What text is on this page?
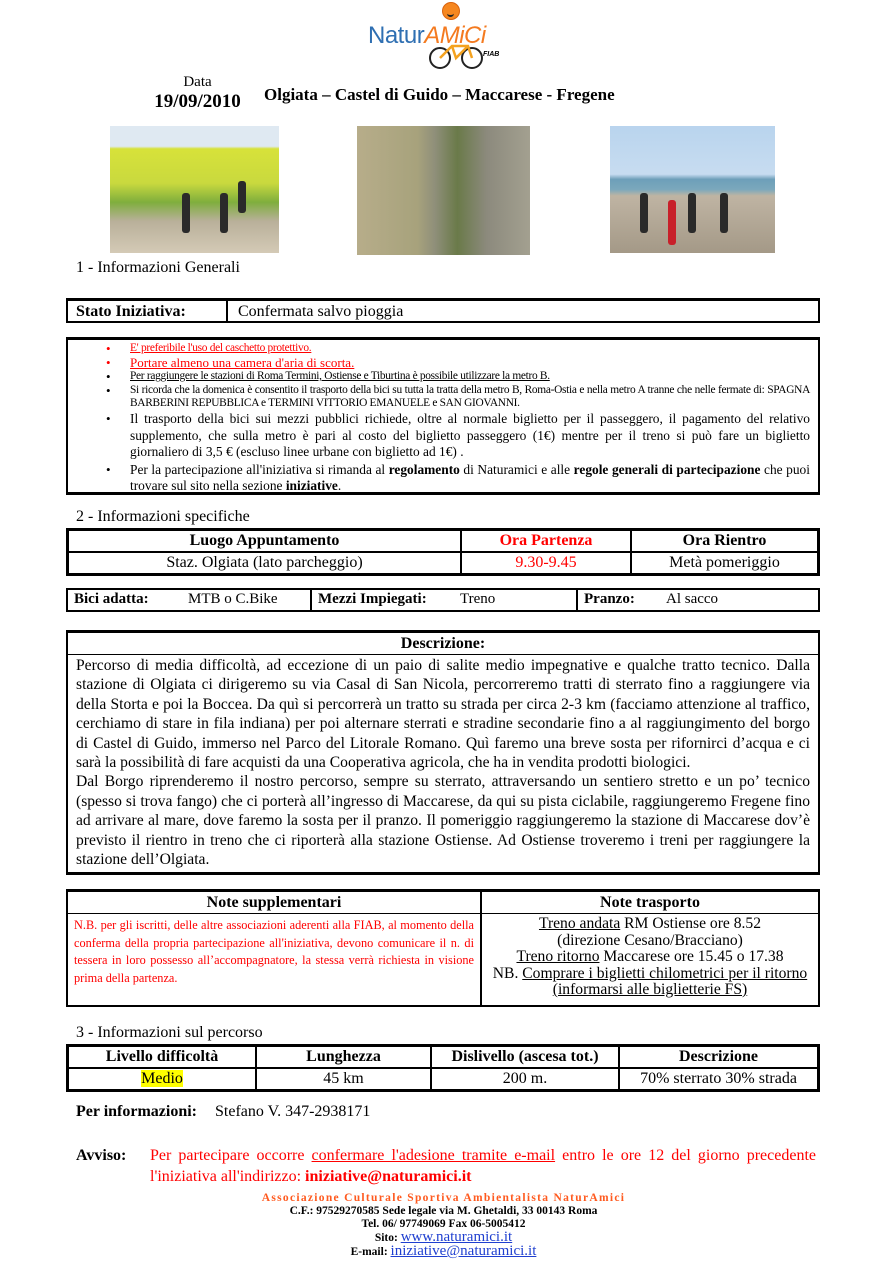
NaturAMiCi
FIAB
Data
19/09/2010 Olgiata – Castel di Guido – Maccarese - Fregene
1 - Informazioni Generali
Stato Iniziativa:	Confermata salvo pioggia
• E' preferibile l'uso del caschetto protettivo.
• Portare almeno una camera d'aria di scorta.
• Per raggiungere le stazioni di Roma Termini, Ostiense e Tiburtina è possibile utilizzare la metro B.
• Si ricorda che la domenica è consentito il trasporto della bici su tutta la tratta della metro B, Roma-Ostia e nella metro A tranne che nelle fermate di: SPAGNA BARBERINI REPUBBLICA e TERMINI VITTORIO EMANUELE e SAN GIOVANNI.
• Il trasporto della bici sui mezzi pubblici richiede, oltre al normale biglietto per il passeggero, il pagamento del relativo supplemento, che sulla metro è pari al costo del biglietto passeggero (1€) mentre per il treno si può fare un biglietto giornaliero di 3,5 € (escluso linee urbane con biglietto ad 1€) .
• Per la partecipazione all'iniziativa si rimanda al regolamento di Naturamici e alle regole generali di partecipazione che puoi trovare sul sito nella sezione iniziative.
2 - Informazioni specifiche
Luogo Appuntamento	Ora Partenza	Ora Rientro
Staz. Olgiata (lato parcheggio)	9.30-9.45	Metà pomeriggio
Bici adatta:	MTB o C.Bike	Mezzi Impiegati:	Treno	Pranzo:	Al sacco
Descrizione:

Percorso di media difficoltà, ad eccezione di un paio di salite medio impegnative e qualche tratto tecnico. Dalla stazione di Olgiata ci dirigeremo su via Casal di San Nicola, percorreremo tratti di sterrato fino a raggiungere via della Storta e poi la Boccea. Da quì si percorrerà un tratto su strada per circa 2-3 km (facciamo attenzione al traffico, cerchiamo di stare in fila indiana) per poi alternare sterrati e stradine secondarie fino a al raggiungimento del borgo di Castel di Guido, immerso nel Parco del Litorale Romano. Quì faremo una breve sosta per rifornirci d’acqua e ci sarà la possibilità di fare acquisti da una Cooperativa agricola, che ha in vendita prodotti biologici.

Dal Borgo riprenderemo il nostro percorso, sempre su sterrato, attraversando un sentiero stretto e un po’ tecnico (spesso si trova fango) che ci porterà all’ingresso di Maccarese, da qui su pista ciclabile, raggiungeremo Fregene fino ad arrivare al mare, dove faremo la sosta per il pranzo. Il pomeriggio raggiungeremo la stazione di Maccarese dov’è previsto il rientro in treno che ci riporterà alla stazione Ostiense. Ad Ostiense troveremo i treni per raggiungere la stazione dell’Olgiata.

Note supplementari
N.B. per gli iscritti, delle altre associazioni aderenti alla FIAB, al momento della conferma della propria partecipazione all'iniziativa, devono comunicare il n. di tessera in loro possesso all’accompagnatore, la stessa verrà richiesta in visione prima della partenza.
Note trasporto
Treno andata RM Ostiense ore 8.52
(direzione Cesano/Bracciano)
Treno ritorno Maccarese ore 15.45 o 17.38
NB. Comprare i biglietti chilometrici per il ritorno (informarsi alle biglietterie FS)
3 - Informazioni sul percorso
Livello difficoltà	Lunghezza	Dislivello (ascesa tot.)	Descrizione
Medio	45 km	200 m.	70% sterrato 30% strada
Per informazioni: Stefano V. 347-2938171
Avviso: Per partecipare occorre confermare l'adesione tramite e-mail entro le ore 12 del giorno precedente l'iniziativa all'indirizzo: iniziative@naturamici.it
Associazione Culturale Sportiva Ambientalista NaturAmici
C.F.: 97529270585 Sede legale via M. Ghetaldi, 33 00143 Roma
Tel. 06/ 97749069 Fax 06-5005412
Sito: www.naturamici.it
E-mail: iniziative@naturamici.it
